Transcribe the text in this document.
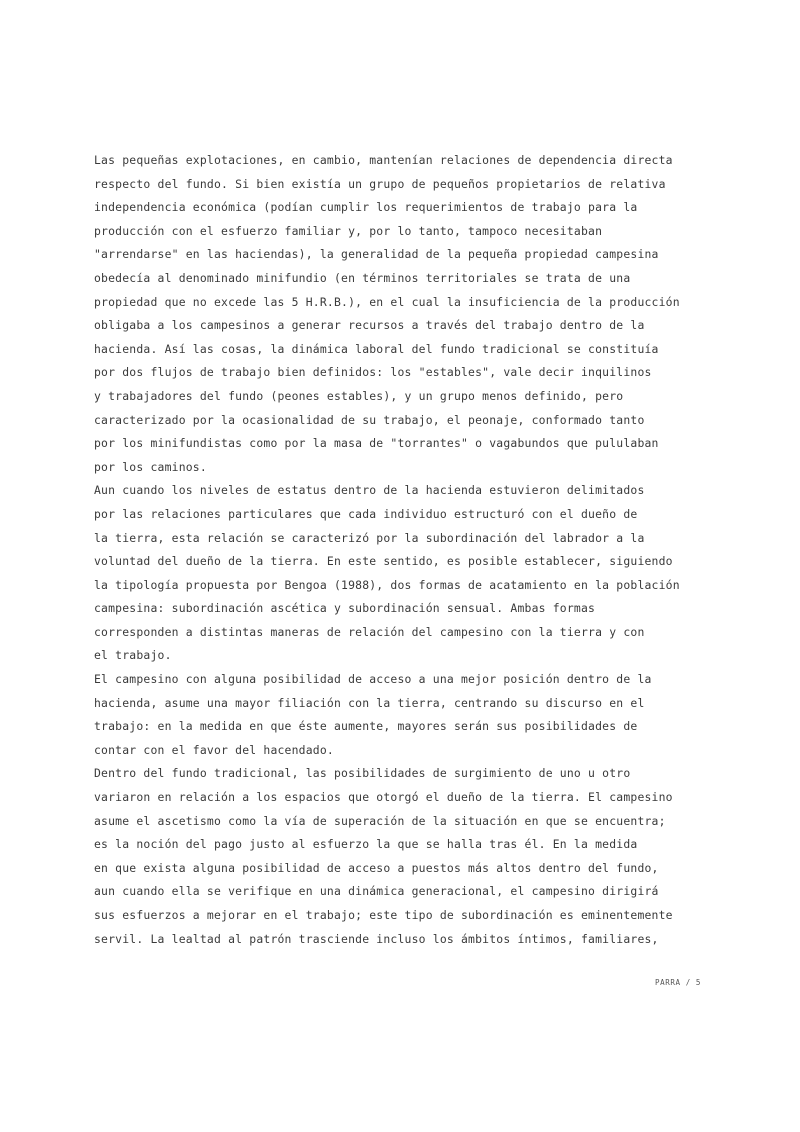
Las pequeñas explotaciones, en cambio, mantenían relaciones de dependencia directa
respecto del fundo. Si bien existía un grupo de pequeños propietarios de relativa
independencia económica (podían cumplir los requerimientos de trabajo para la
producción con el esfuerzo familiar y, por lo tanto, tampoco necesitaban
"arrendarse" en las haciendas), la generalidad de la pequeña propiedad campesina
obedecía al denominado minifundio (en términos territoriales se trata de una
propiedad que no excede las 5 H.R.B.), en el cual la insuficiencia de la producción
obligaba a los campesinos a generar recursos a través del trabajo dentro de la
hacienda. Así las cosas, la dinámica laboral del fundo tradicional se constituía
por dos flujos de trabajo bien definidos: los "estables", vale decir inquilinos
y trabajadores del fundo (peones estables), y un grupo menos definido, pero
caracterizado por la ocasionalidad de su trabajo, el peonaje, conformado tanto
por los minifundistas como por la masa de "torrantes" o vagabundos que pululaban
por los caminos.
Aun cuando los niveles de estatus dentro de la hacienda estuvieron delimitados
por las relaciones particulares que cada individuo estructuró con el dueño de
la tierra, esta relación se caracterizó por la subordinación del labrador a la
voluntad del dueño de la tierra. En este sentido, es posible establecer, siguiendo
la tipología propuesta por Bengoa (1988), dos formas de acatamiento en la población
campesina: subordinación ascética y subordinación sensual. Ambas formas
corresponden a distintas maneras de relación del campesino con la tierra y con
el trabajo.
El campesino con alguna posibilidad de acceso a una mejor posición dentro de la
hacienda, asume una mayor filiación con la tierra, centrando su discurso en el
trabajo: en la medida en que éste aumente, mayores serán sus posibilidades de
contar con el favor del hacendado.
Dentro del fundo tradicional, las posibilidades de surgimiento de uno u otro
variaron en relación a los espacios que otorgó el dueño de la tierra. El campesino
asume el ascetismo como la vía de superación de la situación en que se encuentra;
es la noción del pago justo al esfuerzo la que se halla tras él. En la medida
en que exista alguna posibilidad de acceso a puestos más altos dentro del fundo,
aun cuando ella se verifique en una dinámica generacional, el campesino dirigirá
sus esfuerzos a mejorar en el trabajo; este tipo de subordinación es eminentemente
servil. La lealtad al patrón trasciende incluso los ámbitos íntimos, familiares,
PARRA / 5
